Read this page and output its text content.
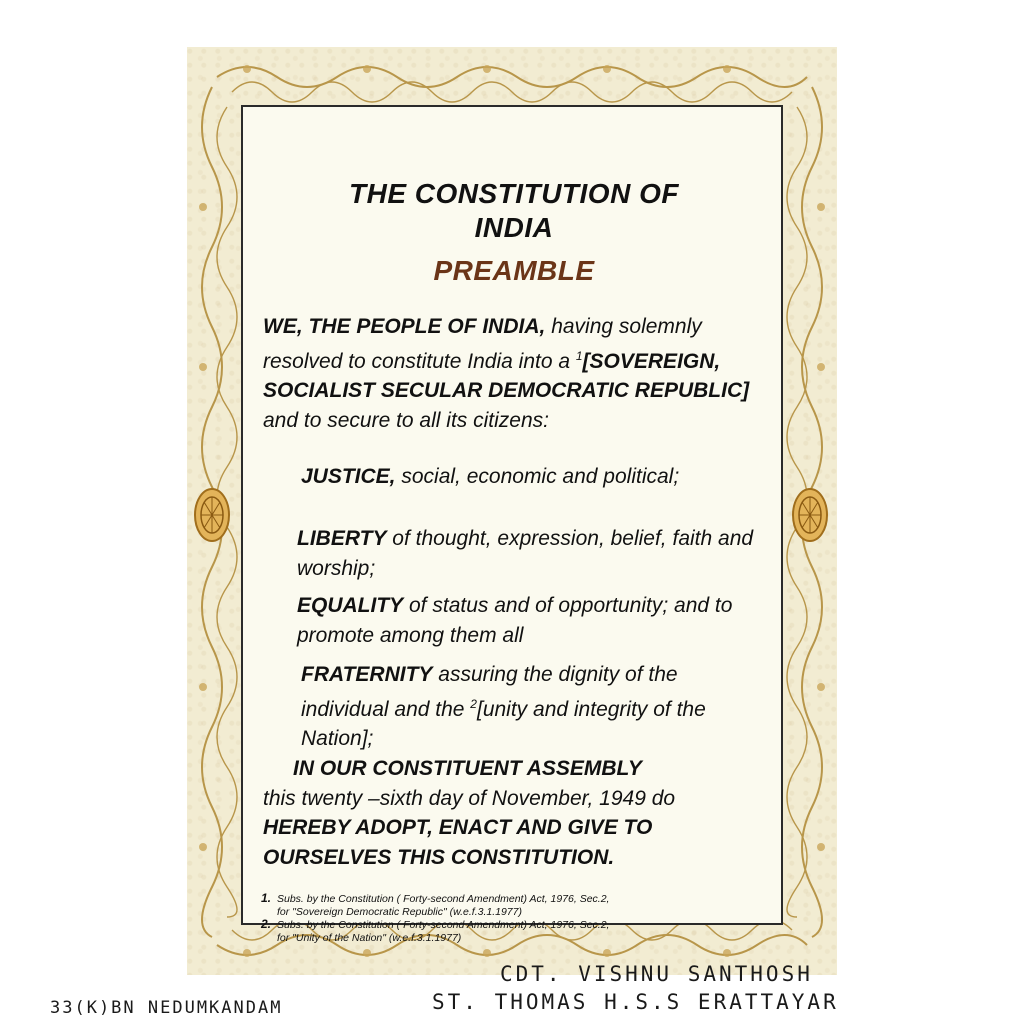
THE CONSTITUTION OF
INDIA
PREAMBLE
WE, THE PEOPLE OF INDIA, having solemnly resolved to constitute India into a $^1$[SOVEREIGN, SOCIALIST SECULAR DEMOCRATIC REPUBLIC] and to secure to all its citizens:
JUSTICE, social, economic and political;
LIBERTY of thought, expression, belief, faith and worship;
EQUALITY of status and of opportunity; and to promote among them all
FRATERNITY assuring the dignity of the individual and the $^2$[unity and integrity of the Nation];
IN OUR CONSTITUENT ASSEMBLY
this twenty –sixth day of November, 1949 do
HEREBY ADOPT, ENACT AND GIVE TO OURSELVES THIS CONSTITUTION.
1. Subs. by the Constitution ( Forty-second Amendment) Act, 1976, Sec.2,
for "Sovereign Democratic Republic" (w.e.f.3.1.1977)
2. Subs. by the Constitution ( Forty-second Amendment) Act, 1976, Sec.2,
for "Unity of the Nation" (w.e.f.3.1.1977)
CDT. VISHNU SANTHOSH
ST. THOMAS H.S.S ERATTAYAR
33(K)BN NEDUMKANDAM
